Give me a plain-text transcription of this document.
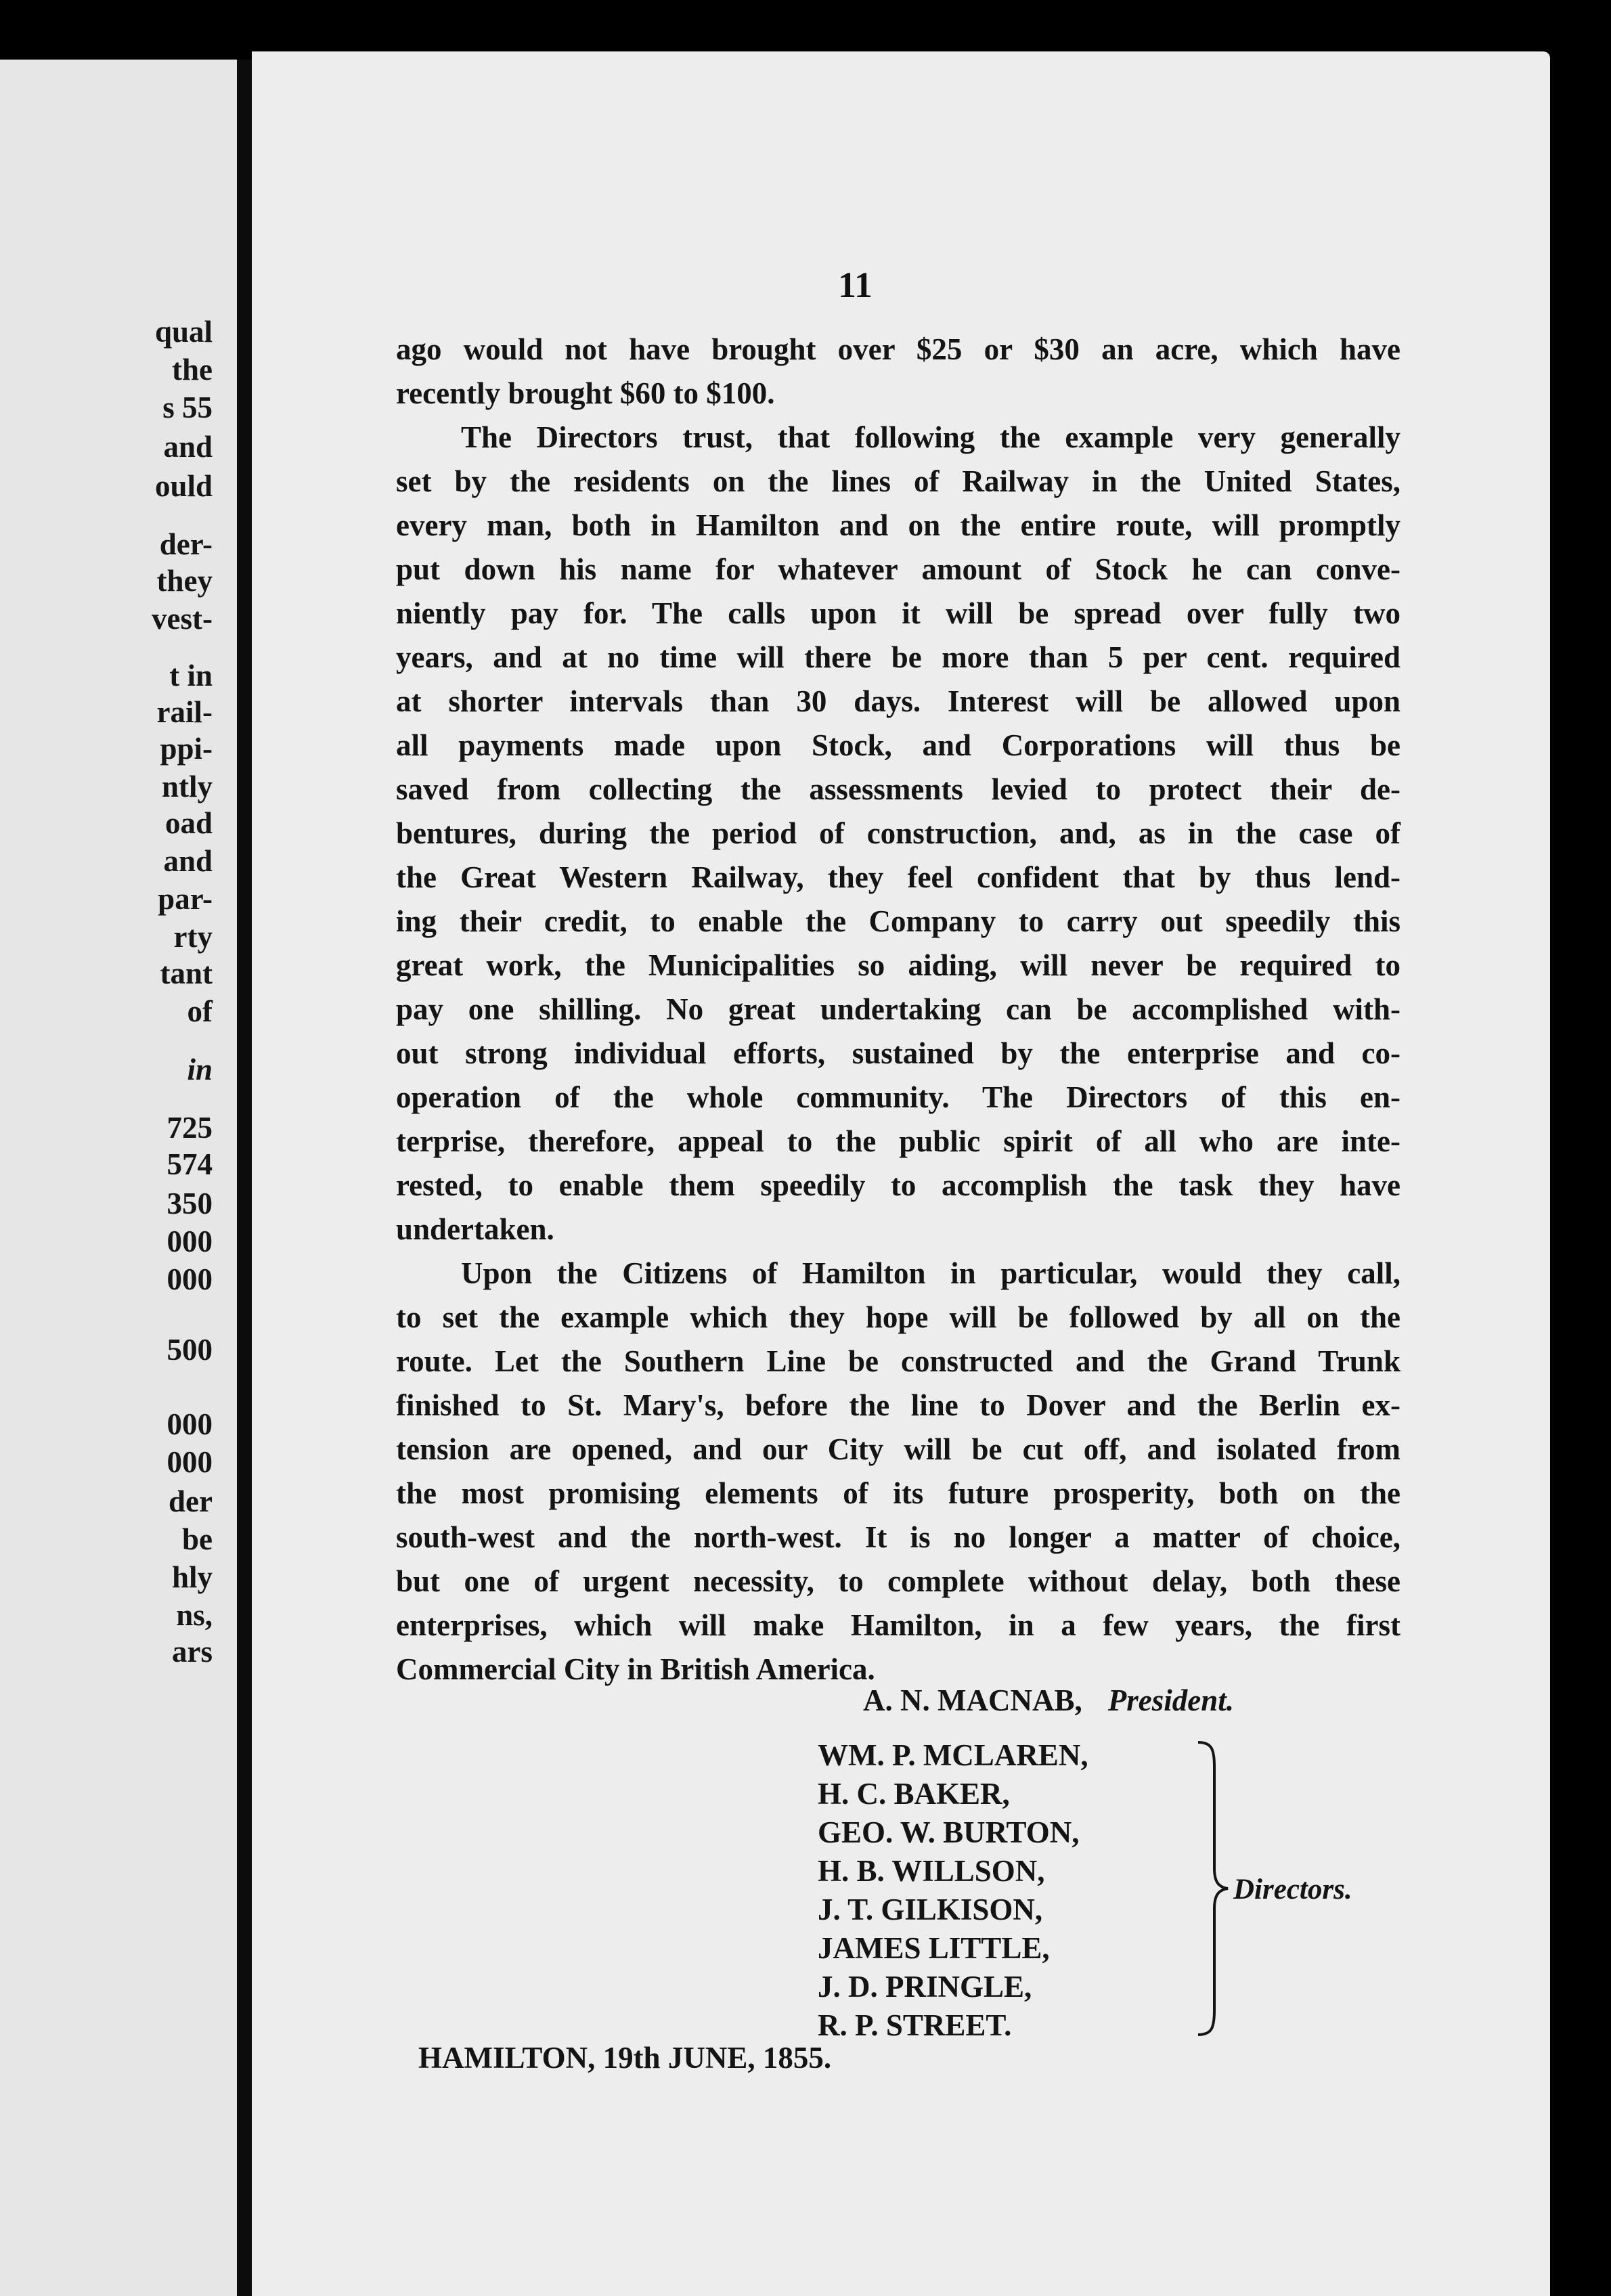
qual
the
s 55
and
ould
der-
they
vest-
t in
rail-
ppi-
ntly
oad
and
par-
rty
tant
of
in
725
574
350
000
000
500
000
000
der
be
hly
ns,
ars
11

ago would not have brought over $25 or $30 an acre, which have
recently brought $60 to $100.

The Directors trust, that following the example very generally
set by the residents on the lines of Railway in the United States,
every man, both in Hamilton and on the entire route, will promptly
put down his name for whatever amount of Stock he can conve-
niently pay for. The calls upon it will be spread over fully two
years, and at no time will there be more than 5 per cent. required
at shorter intervals than 30 days. Interest will be allowed upon
all payments made upon Stock, and Corporations will thus be
saved from collecting the assessments levied to protect their de-
bentures, during the period of construction, and, as in the case of
the Great Western Railway, they feel confident that by thus lend-
ing their credit, to enable the Company to carry out speedily this
great work, the Municipalities so aiding, will never be required to
pay one shilling. No great undertaking can be accomplished with-
out strong individual efforts, sustained by the enterprise and co-
operation of the whole community. The Directors of this en-
terprise, therefore, appeal to the public spirit of all who are inte-
rested, to enable them speedily to accomplish the task they have
undertaken.

Upon the Citizens of Hamilton in particular, would they call,
to set the example which they hope will be followed by all on the
route. Let the Southern Line be constructed and the Grand Trunk
finished to St. Mary's, before the line to Dover and the Berlin ex-
tension are opened, and our City will be cut off, and isolated from
the most promising elements of its future prosperity, both on the
south-west and the north-west. It is no longer a matter of choice,
but one of urgent necessity, to complete without delay, both these
enterprises, which will make Hamilton, in a few years, the first
Commercial City in British America.

A. N. MACNAB, President.
WM. P. MCLAREN,
H. C. BAKER,
GEO. W. BURTON,
H. B. WILLSON,
J. T. GILKISON,
JAMES LITTLE,
J. D. PRINGLE,
R. P. STREET.
Directors.
HAMILTON, 19th JUNE, 1855.
